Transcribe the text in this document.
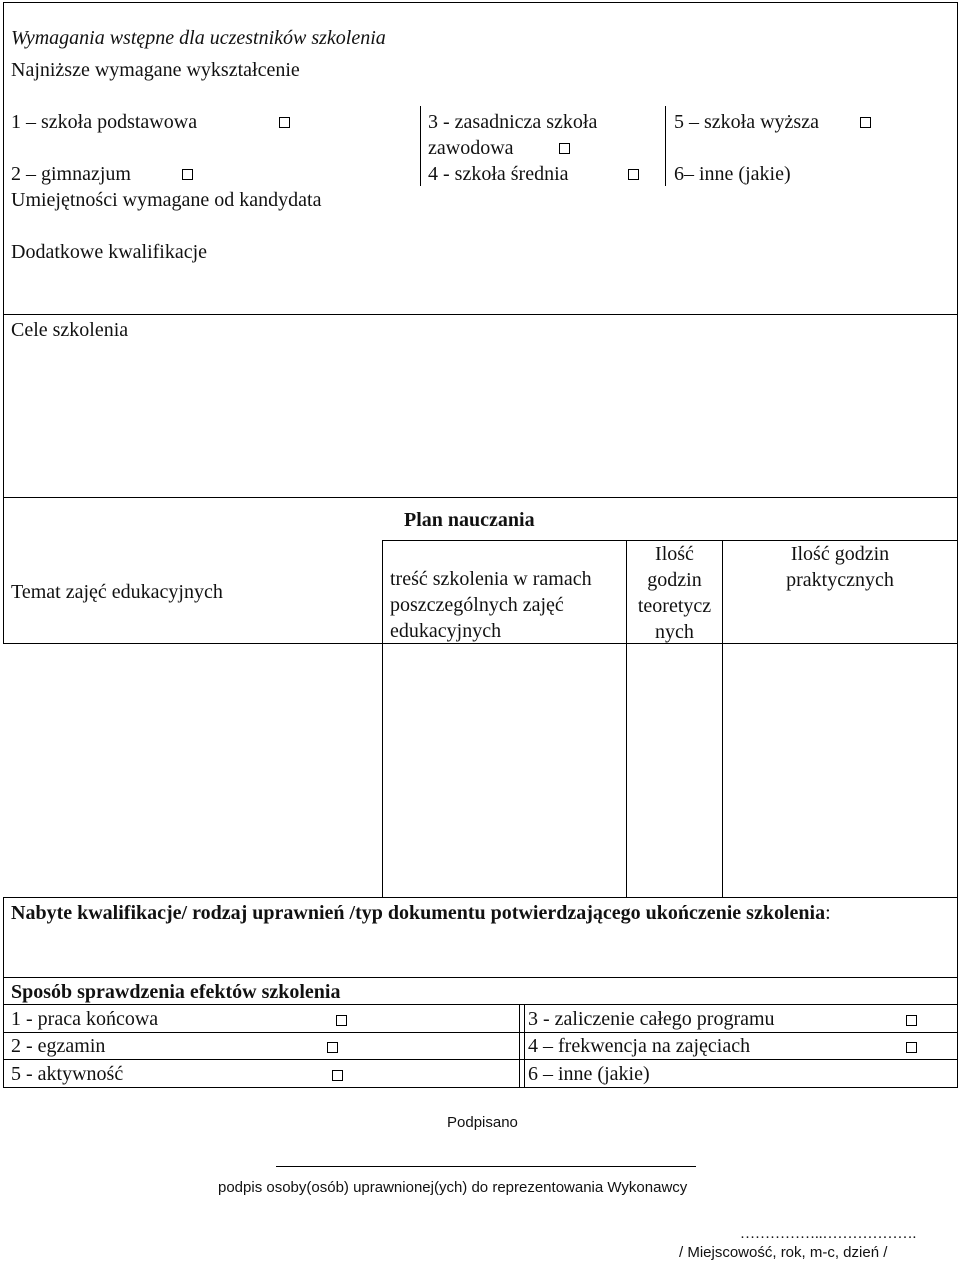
Wymagania wstępne dla uczestników szkolenia
Najniższe wymagane wykształcenie
1 – szkoła podstawowa
2 – gimnazjum
3 - zasadnicza szkoła
zawodowa
4 - szkoła średnia
5 – szkoła wyższa
6– inne (jakie)
Umiejętności wymagane od kandydata
Dodatkowe kwalifikacje
Cele szkolenia
Plan nauczania
Temat zajęć edukacyjnych
treść szkolenia w ramach
poszczególnych zajęć
edukacyjnych
Ilość
godzin
teoretycz
nych
Ilość godzin
praktycznych
Nabyte kwalifikacje/ rodzaj uprawnień /typ dokumentu potwierdzającego ukończenie szkolenia:
Sposób sprawdzenia efektów szkolenia
1 - praca końcowa
2 - egzamin
5 - aktywność
3 - zaliczenie całego programu
4 – frekwencja na zajęciach
6 – inne (jakie)
Podpisano
podpis osoby(osób) uprawnionej(ych) do reprezentowania Wykonawcy
……………..……………….
/ Miejscowość, rok, m-c, dzień /
